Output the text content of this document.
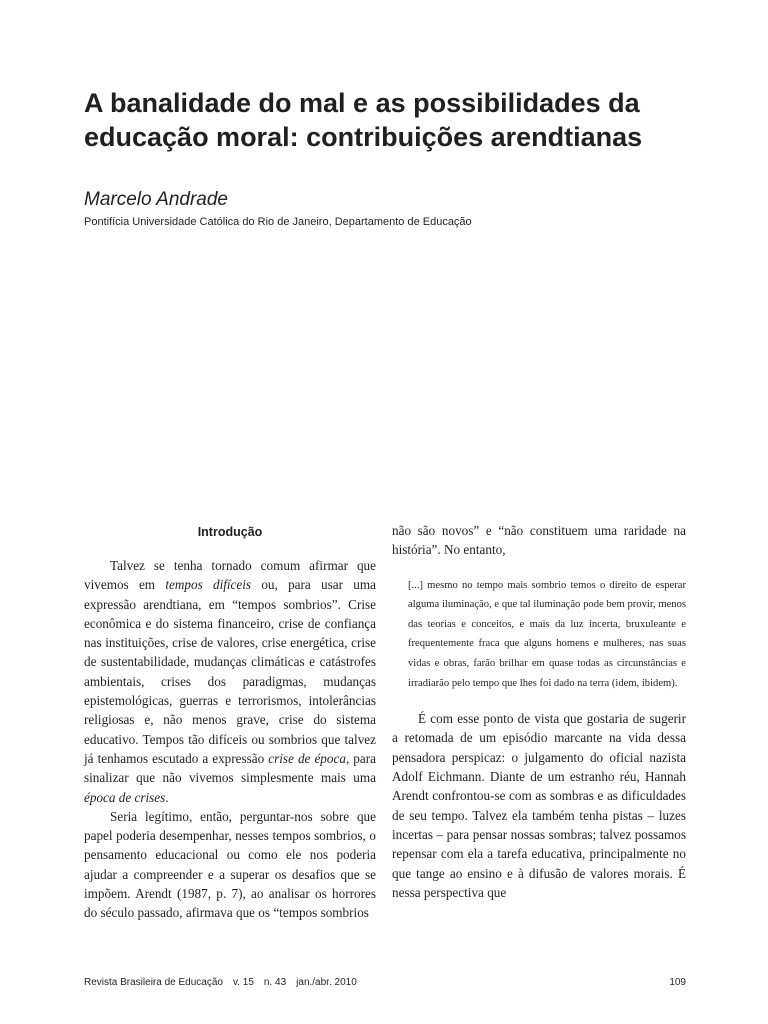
A banalidade do mal e as possibilidades da educação moral: contribuições arendtianas
Marcelo Andrade
Pontifícia Universidade Católica do Rio de Janeiro, Departamento de Educação
Introdução

Talvez se tenha tornado comum afirmar que vivemos em tempos difíceis ou, para usar uma expressão arendtiana, em “tempos sombrios”. Crise econômica e do sistema financeiro, crise de confiança nas instituições, crise de valores, crise energética, crise de sustentabilidade, mudanças climáticas e catástrofes ambientais, crises dos paradigmas, mudanças epistemológicas, guerras e terrorismos, intolerâncias religiosas e, não menos grave, crise do sistema educativo. Tempos tão difíceis ou sombrios que talvez já tenhamos escutado a expressão crise de época, para sinalizar que não vivemos simplesmente mais uma época de crises.

Seria legítimo, então, perguntar-nos sobre que papel poderia desempenhar, nesses tempos sombrios, o pensamento educacional ou como ele nos poderia ajudar a compreender e a superar os desafios que se impõem. Arendt (1987, p. 7), ao analisar os horrores do século passado, afirmava que os “tempos sombrios

não são novos” e “não constituem uma raridade na história”. No entanto,

[...] mesmo no tempo mais sombrio temos o direito de esperar alguma iluminação, e que tal iluminação pode bem provir, menos das teorias e conceitos, e mais da luz incerta, bruxuleante e frequentemente fraca que alguns homens e mulheres, nas suas vidas e obras, farão brilhar em quase todas as circunstâncias e irradiarão pelo tempo que lhes foi dado na terra (idem, ibidem).

É com esse ponto de vista que gostaria de sugerir a retomada de um episódio marcante na vida dessa pensadora perspicaz: o julgamento do oficial nazista Adolf Eichmann. Diante de um estranho réu, Hannah Arendt confrontou-se com as sombras e as dificuldades de seu tempo. Talvez ela também tenha pistas – luzes incertas – para pensar nossas sombras; talvez possamos repensar com ela a tarefa educativa, principalmente no que tange ao ensino e à difusão de valores morais. É nessa perspectiva que

Revista Brasileira de Educação v. 15 n. 43 jan./abr. 2010	109
